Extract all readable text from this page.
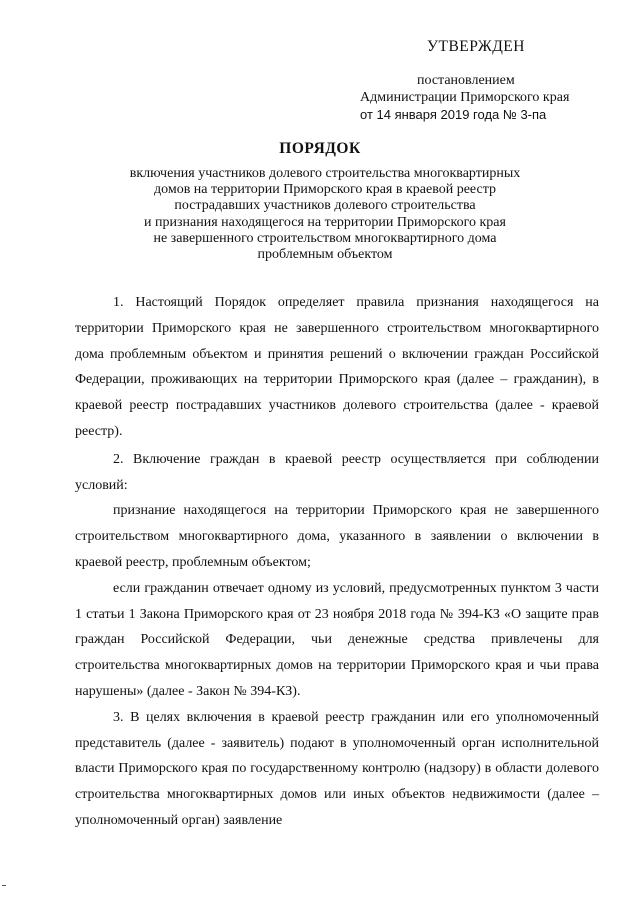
УТВЕРЖДЕН
постановлением
Администрации Приморского края
от 14 января 2019 года № 3-па
ПОРЯДОК
включения участников долевого строительства многоквартирных
домов на территории Приморского края в краевой реестр
пострадавших участников долевого строительства
и признания находящегося на территории Приморского края
не завершенного строительством многоквартирного дома
проблемным объектом

1. Настоящий Порядок определяет правила признания находящегося на территории Приморского края не завершенного строительством многоквартирного дома проблемным объектом и принятия решений о включении граждан Российской Федерации, проживающих на территории Приморского края (далее – гражданин), в краевой реестр пострадавших участников долевого строительства (далее - краевой реестр).

2. Включение граждан в краевой реестр осуществляется при соблюдении условий:

признание находящегося на территории Приморского края не завершенного строительством многоквартирного дома, указанного в заявлении о включении в краевой реестр, проблемным объектом;

если гражданин отвечает одному из условий, предусмотренных пунктом 3 части 1 статьи 1 Закона Приморского края от 23 ноября 2018 года № 394-КЗ «О защите прав граждан Российской Федерации, чьи денежные средства привлечены для строительства многоквартирных домов на территории Приморского края и чьи права нарушены» (далее - Закон № 394-КЗ).

3. В целях включения в краевой реестр гражданин или его уполномоченный представитель (далее - заявитель) подают в уполномоченный орган исполнительной власти Приморского края по государственному контролю (надзору) в области долевого строительства многоквартирных домов или иных объектов недвижимости (далее – уполномоченный орган) заявление
